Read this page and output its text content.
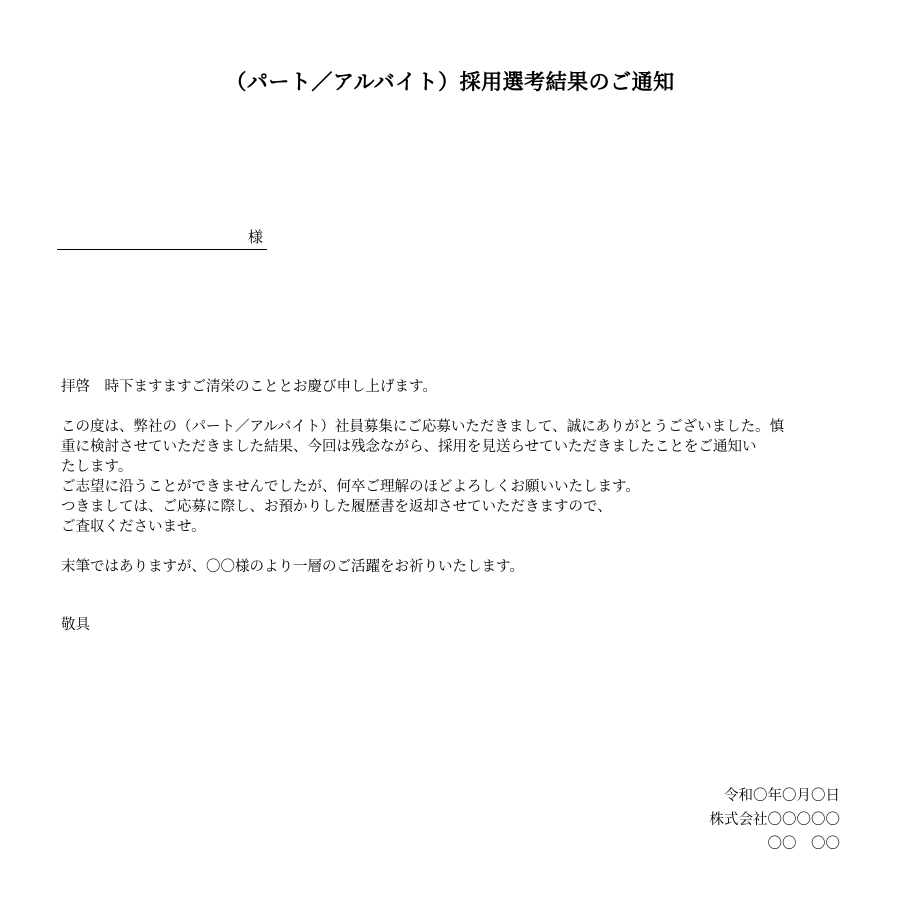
（パート／アルバイト）採用選考結果のご通知
様

拝啓　時下ますますご清栄のこととお慶び申し上げます。

この度は、弊社の（パート／アルバイト）社員募集にご応募いただきまして、誠にありがとうございました。慎

重に検討させていただきました結果、今回は残念ながら、採用を見送らせていただきましたことをご通知い

たします。

ご志望に沿うことができませんでしたが、何卒ご理解のほどよろしくお願いいたします。

つきましては、ご応募に際し、お預かりした履歴書を返却させていただきますので、

ご査収くださいませ。

末筆ではありますが、〇〇様のより一層のご活躍をお祈りいたします。

敬具
令和〇年〇月〇日
株式会社〇〇〇〇〇
〇〇　〇〇
